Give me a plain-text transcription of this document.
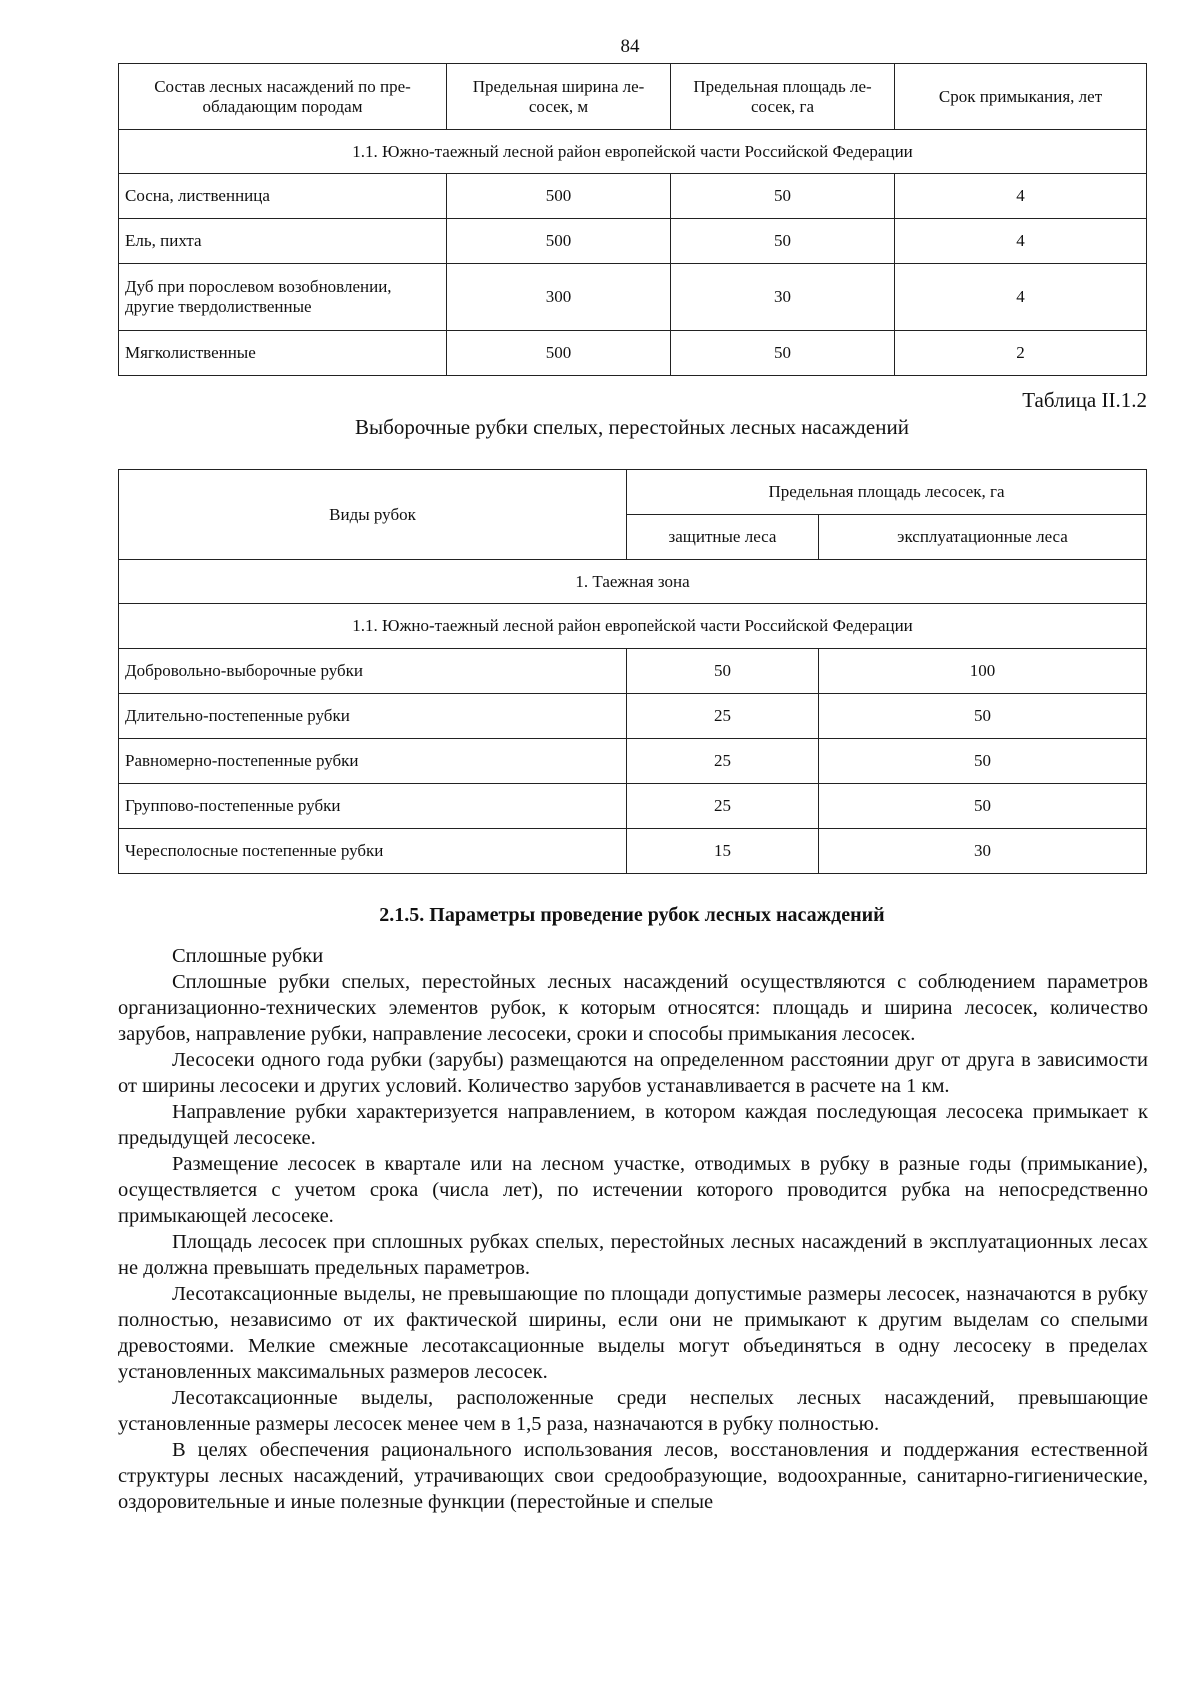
84
Состав лесных насаждений по пре-обладающим породам	Предельная ширина ле-сосек, м	Предельная площадь ле-сосек, га	Срок примыкания, лет
1.1. Южно-таежный лесной район европейской части Российской Федерации			
Сосна, лиственница	500	50	4
Ель, пихта	500	50	4
Дуб при порослевом возобновлении, другие твердолиственные	300	30	4
Мягколиственные	500	50	2
Таблица II.1.2
Выборочные рубки спелых, перестойных лесных насаждений
Виды рубок	Предельная площадь лесосек, га	
	защитные леса	эксплуатационные леса
1. Таежная зона		
1.1. Южно-таежный лесной район европейской части Российской Федерации		
Добровольно-выборочные рубки	50	100
Длительно-постепенные рубки	25	50
Равномерно-постепенные рубки	25	50
Группово-постепенные рубки	25	50
Чересполосные постепенные рубки	15	30
2.1.5. Параметры проведение рубок лесных насаждений

Сплошные рубки

Сплошные рубки спелых, перестойных лесных насаждений осуществляются с соблюдением параметров организационно-технических элементов рубок, к которым относятся: площадь и ширина лесосек, количество зарубов, направление рубки, направление лесосеки, сроки и способы примыкания лесосек.

Лесосеки одного года рубки (зарубы) размещаются на определенном расстоянии друг от друга в зависимости от ширины лесосеки и других условий. Количество зарубов устанавливается в расчете на 1 км.

Направление рубки характеризуется направлением, в котором каждая последующая лесосека примыкает к предыдущей лесосеке.

Размещение лесосек в квартале или на лесном участке, отводимых в рубку в разные годы (примыкание), осуществляется с учетом срока (числа лет), по истечении которого проводится рубка на непосредственно примыкающей лесосеке.

Площадь лесосек при сплошных рубках спелых, перестойных лесных насаждений в эксплуатационных лесах не должна превышать предельных параметров.

Лесотаксационные выделы, не превышающие по площади допустимые размеры лесосек, назначаются в рубку полностью, независимо от их фактической ширины, если они не примыкают к другим выделам со спелыми древостоями. Мелкие смежные лесотаксационные выделы могут объединяться в одну лесосеку в пределах установленных максимальных размеров лесосек.

Лесотаксационные выделы, расположенные среди неспелых лесных насаждений, превышающие установленные размеры лесосек менее чем в 1,5 раза, назначаются в рубку полностью.

В целях обеспечения рационального использования лесов, восстановления и поддержания естественной структуры лесных насаждений, утрачивающих свои средообразующие, водоохранные, санитарно-гигиенические, оздоровительные и иные полезные функции (перестойные и спелые
